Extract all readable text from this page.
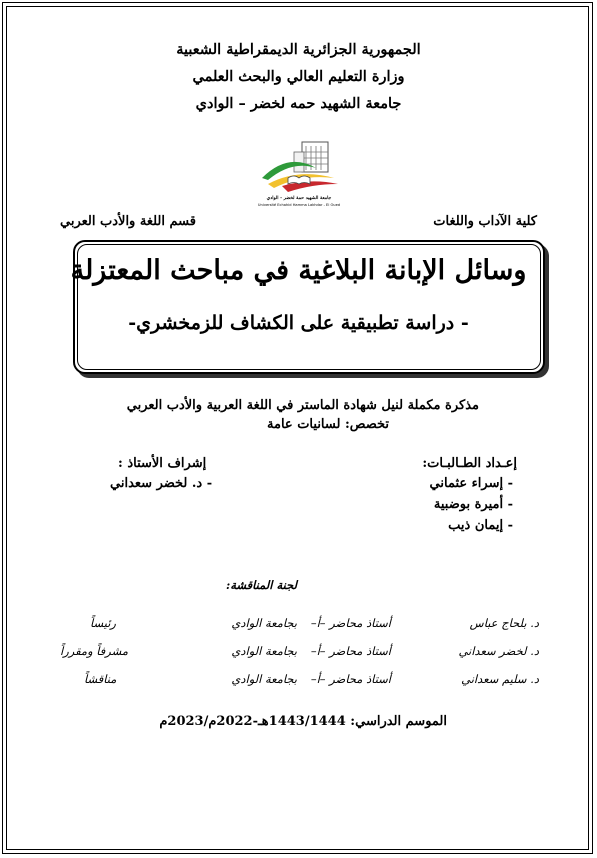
الجمهورية الجزائرية الديمقراطية الشعبية
وزارة التعليم العالي والبحث العلمي
جامعة الشهيد حمه لخضر – الوادي
جامعة الشهيد حمة لخضر - الوادي
Université Echahid Hamma Lakhdar - El Oued
كلية الآداب واللغات
قسم اللغة والأدب العربي
وسائل الإبانة البلاغية في مباحث المعتزلة
- دراسة تطبيقية على الكشاف للزمخشري-
مذكرة مكملة لنيل شهادة الماستر في اللغة العربية والأدب العربي
تخصص: لسانيات عامة
إعـداد الطـالبـات:
- إسراء عثماني
- أميرة بوضبية
- إيمان ذيب
إشراف الأستاذ :
- د. لخضر سعداني
لجنة المناقشة:
د. بلحاج عباس
أستاذ محاضر –أ–
بجامعة الوادي
رئيساً
د. لخضر سعداني
أستاذ محاضر –أ–
بجامعة الوادي
مشرفاً ومقرراً
د. سليم سعداني
أستاذ محاضر –أ–
بجامعة الوادي
مناقشاً
الموسم الدراسي: 1443/1444هـ-2022م/2023م
